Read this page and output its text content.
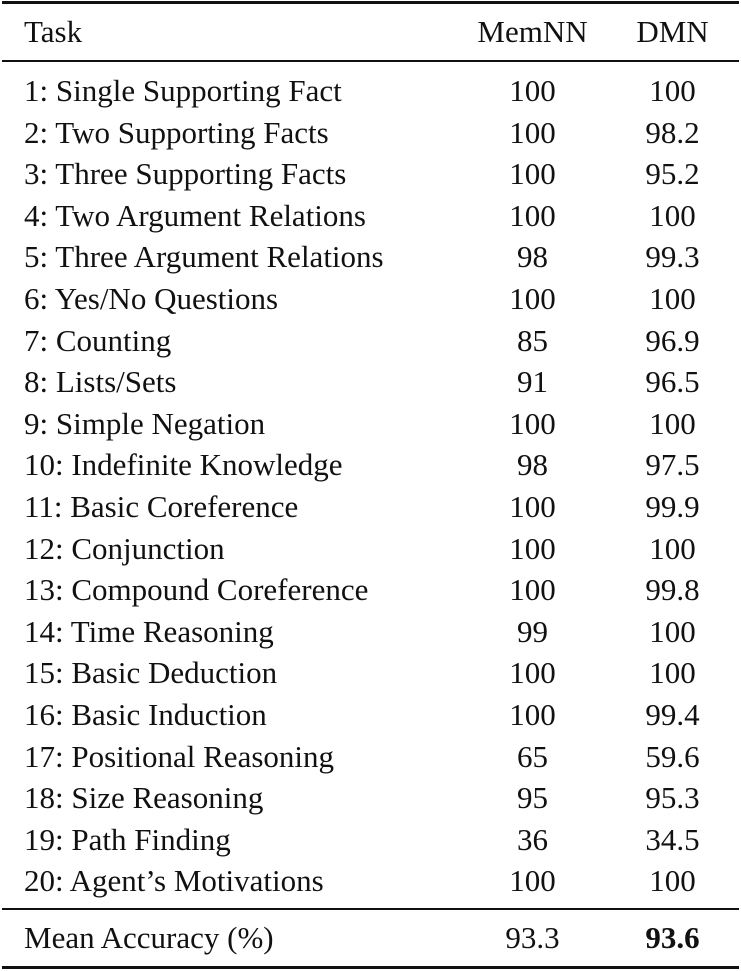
Task	MemNN	DMN
1: Single Supporting Fact	100	100
2: Two Supporting Facts	100	98.2
3: Three Supporting Facts	100	95.2
4: Two Argument Relations	100	100
5: Three Argument Relations	98	99.3
6: Yes/No Questions	100	100
7: Counting	85	96.9
8: Lists/Sets	91	96.5
9: Simple Negation	100	100
10: Indefinite Knowledge	98	97.5
11: Basic Coreference	100	99.9
12: Conjunction	100	100
13: Compound Coreference	100	99.8
14: Time Reasoning	99	100
15: Basic Deduction	100	100
16: Basic Induction	100	99.4
17: Positional Reasoning	65	59.6
18: Size Reasoning	95	95.3
19: Path Finding	36	34.5
20: Agent’s Motivations	100	100
Mean Accuracy (%)	93.3	93.6
